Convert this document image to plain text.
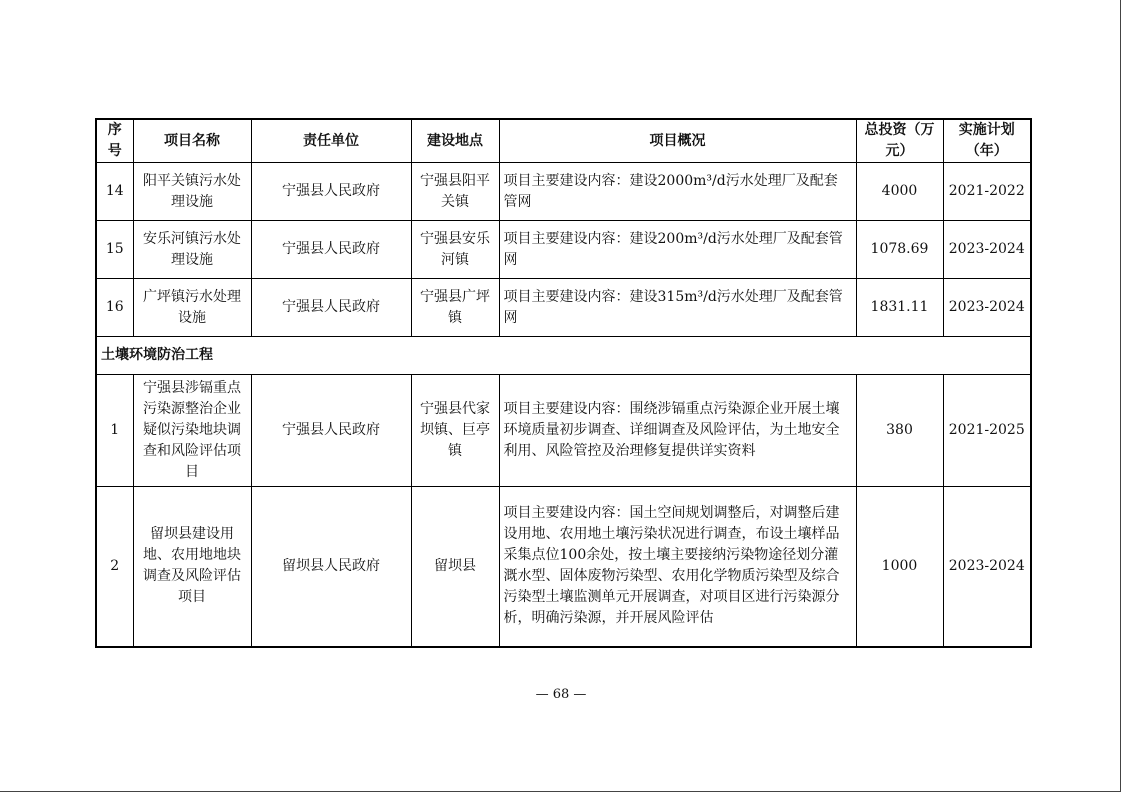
序号	项目名称	责任单位	建设地点	项目概况	总投资（万元）	实施计划（年）
14	阳平关镇污水处理设施	宁强县人民政府	宁强县阳平关镇	项目主要建设内容：建设2000m³/d污水处理厂及配套管网	4000	2021-2022
15	安乐河镇污水处理设施	宁强县人民政府	宁强县安乐河镇	项目主要建设内容：建设200m³/d污水处理厂及配套管网	1078.69	2023-2024
16	广坪镇污水处理设施	宁强县人民政府	宁强县广坪镇	项目主要建设内容：建设315m³/d污水处理厂及配套管网	1831.11	2023-2024
土壤环境防治工程						
1	宁强县涉镉重点污染源整治企业疑似污染地块调查和风险评估项目	宁强县人民政府	宁强县代家坝镇、巨亭镇	项目主要建设内容：围绕涉镉重点污染源企业开展土壤环境质量初步调查、详细调查及风险评估，为土地安全利用、风险管控及治理修复提供详实资料	380	2021-2025
2	留坝县建设用地、农用地地块调查及风险评估项目	留坝县人民政府	留坝县	项目主要建设内容：国土空间规划调整后，对调整后建设用地、农用地土壤污染状况进行调查，布设土壤样品采集点位100余处，按土壤主要接纳污染物途径划分灌溉水型、固体废物污染型、农用化学物质污染型及综合污染型土壤监测单元开展调查，对项目区进行污染源分析，明确污染源，并开展风险评估	1000	2023-2024
— 68 —
